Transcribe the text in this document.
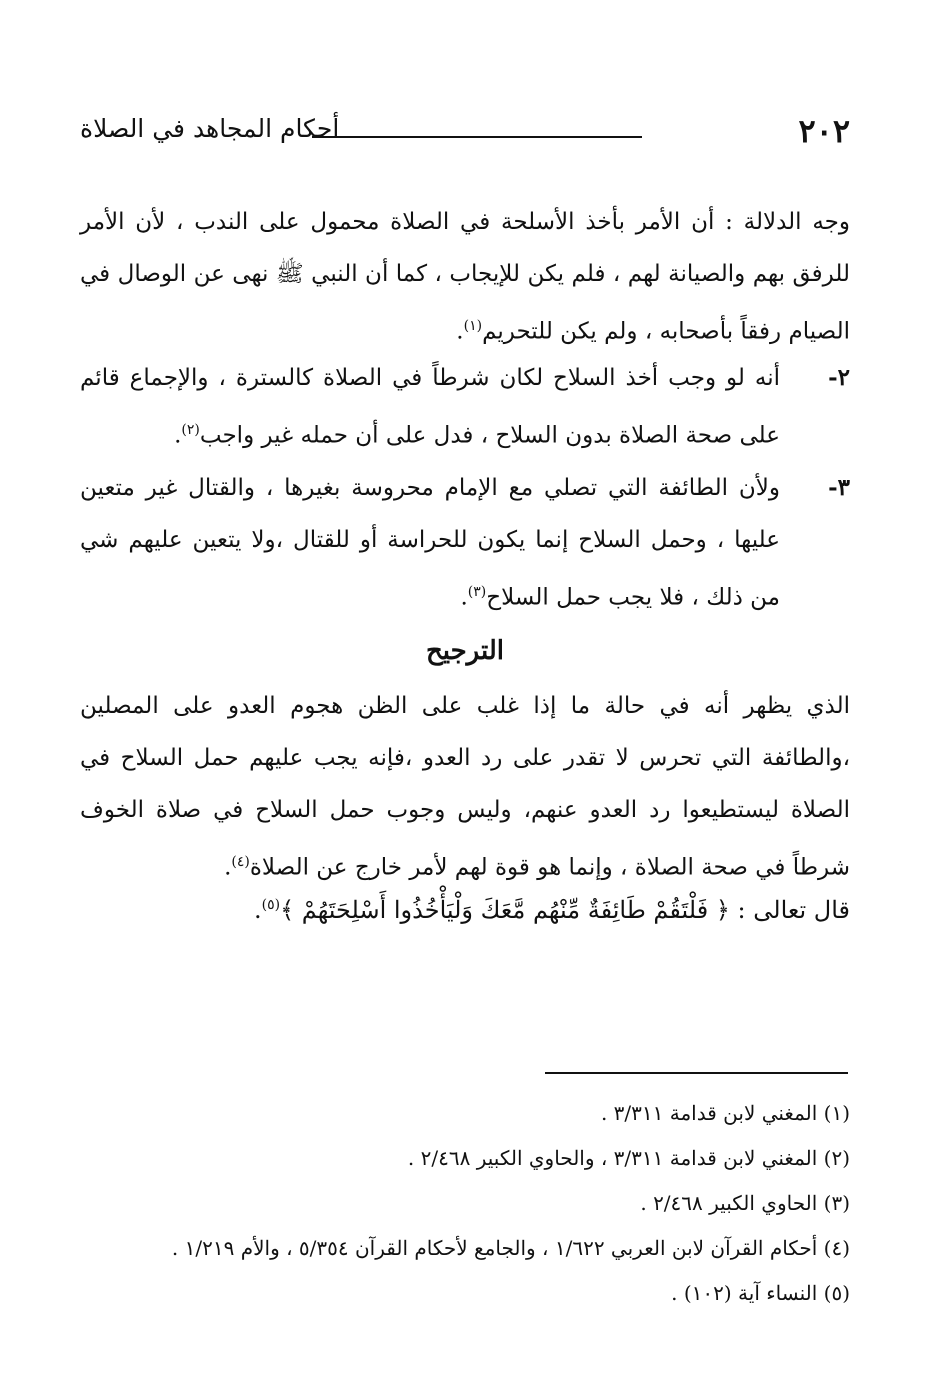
٢٠٢
أحكام المجاهد في الصلاة
وجه الدلالة : أن الأمر بأخذ الأسلحة في الصلاة محمول على الندب ، لأن الأمر للرفق بهم والصيانة لهم ، فلم يكن للإيجاب ، كما أن النبي ﷺ نهى عن الوصال في الصيام رفقاً بأصحابه ، ولم يكن للتحريم$^{(١)}$.
٢-
أنه لو وجب أخذ السلاح لكان شرطاً في الصلاة كالسترة ، والإجماع قائم على صحة الصلاة بدون السلاح ، فدل على أن حمله غير واجب$^{(٢)}$.
٣-
ولأن الطائفة التي تصلي مع الإمام محروسة بغيرها ، والقتال غير متعين عليها ، وحمل السلاح إنما يكون للحراسة أو للقتال ،ولا يتعين عليهم شي من ذلك ، فلا يجب حمل السلاح$^{(٣)}$.
الترجيح
الذي يظهر أنه في حالة ما إذا غلب على الظن هجوم العدو على المصلين ،والطائفة التي تحرس لا تقدر على رد العدو ،فإنه يجب عليهم حمل السلاح في الصلاة ليستطيعوا رد العدو عنهم، وليس وجوب حمل السلاح في صلاة الخوف شرطاً في صحة الصلاة ، وإنما هو قوة لهم لأمر خارج عن الصلاة$^{(٤)}$.
قال تعالى : ﴿ فَلْتَقُمْ طَائِفَةٌ مِّنْهُم مَّعَكَ وَلْيَأْخُذُوا أَسْلِحَتَهُمْ ﴾$^{(٥)}$.
(١) المغني لابن قدامة ٣/٣١١ .
(٢) المغني لابن قدامة ٣/٣١١ ، والحاوي الكبير ٢/٤٦٨ .
(٣) الحاوي الكبير ٢/٤٦٨ .
(٤) أحكام القرآن لابن العربي ١/٦٢٢ ، والجامع لأحكام القرآن ٥/٣٥٤ ، والأم ١/٢١٩ .
(٥) النساء آية (١٠٢) .
